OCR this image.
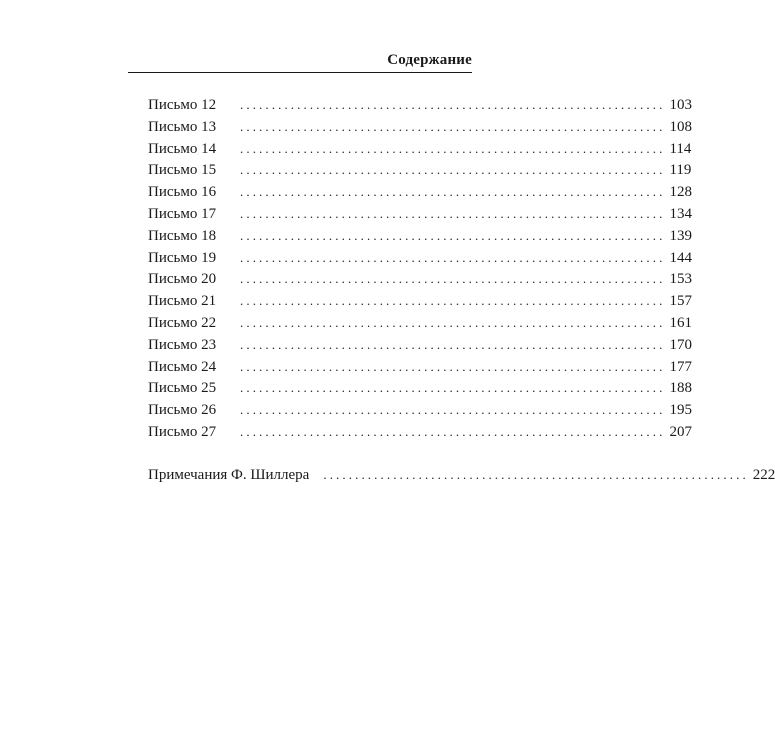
Содержание
Письмо 12	................................................................... 103
Письмо 13	................................................................... 108
Письмо 14	................................................................... 114
Письмо 15	................................................................... 119
Письмо 16	................................................................... 128
Письмо 17	................................................................... 134
Письмо 18	................................................................... 139
Письмо 19	................................................................... 144
Письмо 20	................................................................... 153
Письмо 21	................................................................... 157
Письмо 22	................................................................... 161
Письмо 23	................................................................... 170
Письмо 24	................................................................... 177
Письмо 25	................................................................... 188
Письмо 26	................................................................... 195
Письмо 27	................................................................... 207
Примечания Ф. Шиллера	................................................................... 222
